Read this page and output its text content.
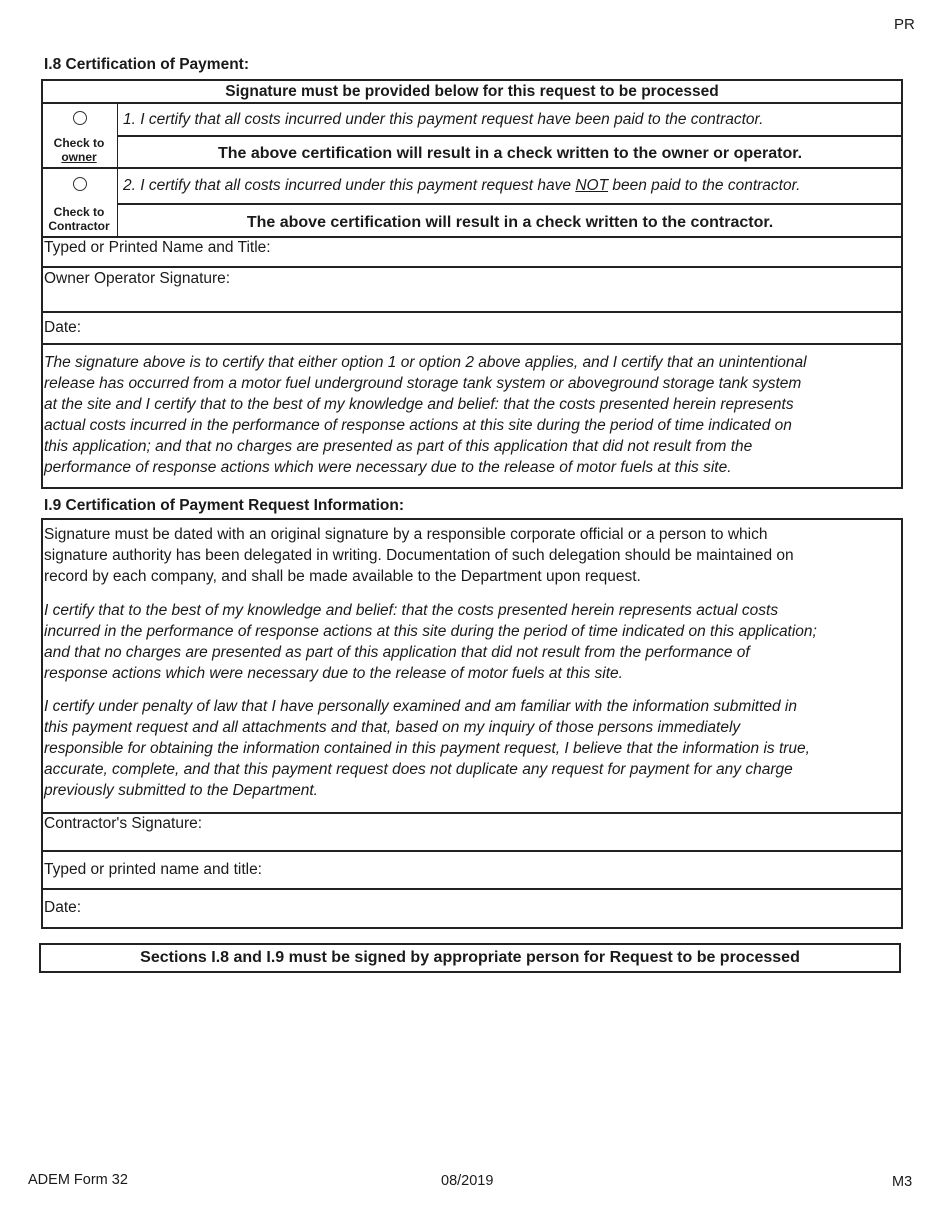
PR
I.8 Certification of Payment:
Signature must be provided below for this request to be processed
1. I certify that all costs incurred under this payment request have been paid to the contractor.
Check to
owner	The above certification will result in a check written to the owner or operator.
2. I certify that all costs incurred under this payment request have NOT been paid to the contractor.
Check to
Contractor	The above certification will result in a check written to the contractor.
Typed or Printed Name and Title:
Owner Operator Signature:
Date:
The signature above is to certify that either option 1 or option 2 above applies, and I certify that an unintentional
release has occurred from a motor fuel underground storage tank system or aboveground storage tank system
at the site and I certify that to the best of my knowledge and belief: that the costs presented herein represents
actual costs incurred in the performance of response actions at this site during the period of time indicated on
this application; and that no charges are presented as part of this application that did not result from the
performance of response actions which were necessary due to the release of motor fuels at this site.
I.9 Certification of Payment Request Information:
Signature must be dated with an original signature by a responsible corporate official or a person to which
signature authority has been delegated in writing. Documentation of such delegation should be maintained on
record by each company, and shall be made available to the Department upon request.
I certify that to the best of my knowledge and belief: that the costs presented herein represents actual costs
incurred in the performance of response actions at this site during the period of time indicated on this application;
and that no charges are presented as part of this application that did not result from the performance of
response actions which were necessary due to the release of motor fuels at this site.
I certify under penalty of law that I have personally examined and am familiar with the information submitted in
this payment request and all attachments and that, based on my inquiry of those persons immediately
responsible for obtaining the information contained in this payment request, I believe that the information is true,
accurate, complete, and that this payment request does not duplicate any request for payment for any charge
previously submitted to the Department.
Contractor's Signature:
Typed or printed name and title:
Date:
Sections I.8 and I.9 must be signed by appropriate person for Request to be processed
ADEM Form 32	08/2019	M3
